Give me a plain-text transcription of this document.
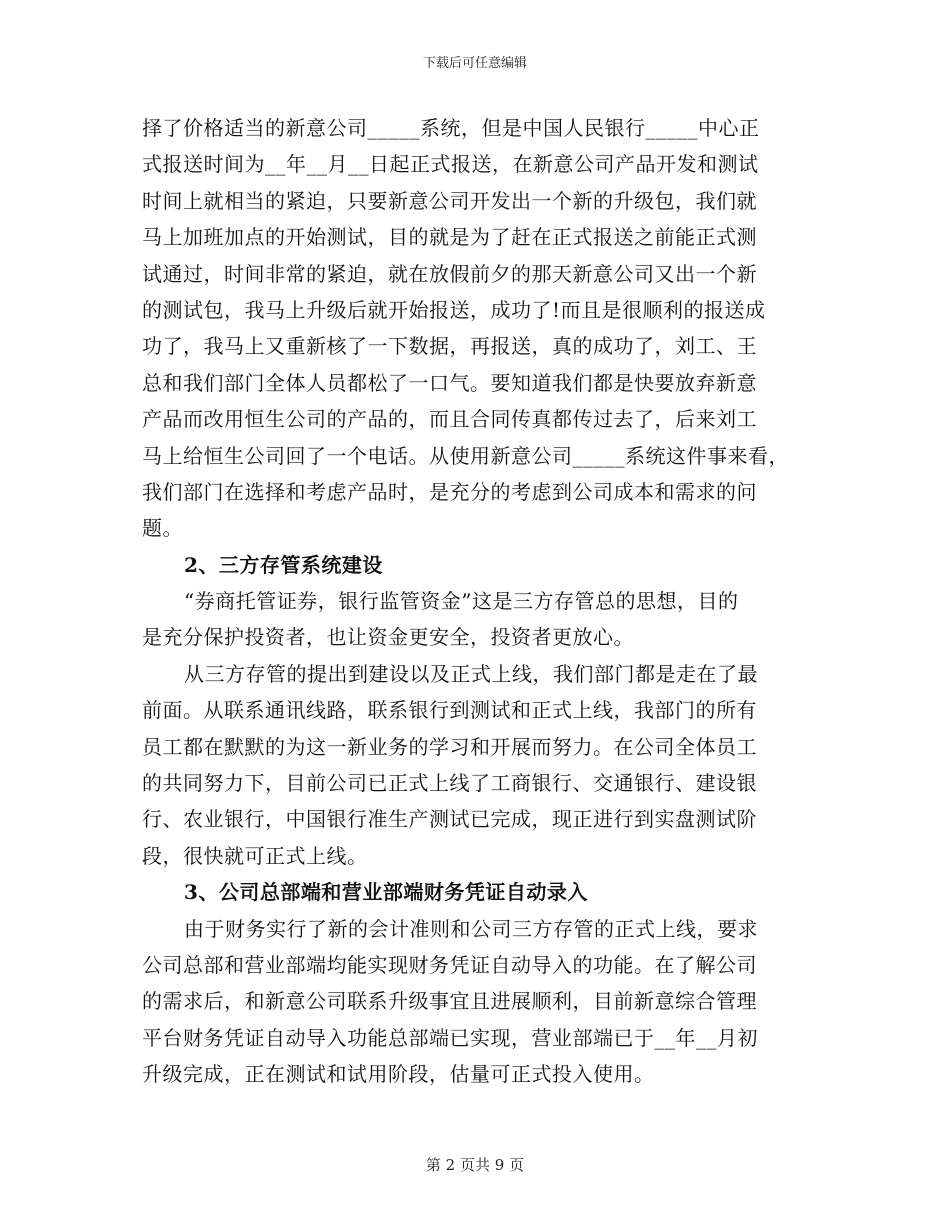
下载后可任意编辑
择了价格适当的新意公司_____系统，但是中国人民银行_____中心正
式报送时间为__年__月__日起正式报送，在新意公司产品开发和测试
时间上就相当的紧迫，只要新意公司开发出一个新的升级包，我们就
马上加班加点的开始测试，目的就是为了赶在正式报送之前能正式测
试通过，时间非常的紧迫，就在放假前夕的那天新意公司又出一个新
的测试包，我马上升级后就开始报送，成功了!而且是很顺利的报送成
功了，我马上又重新核了一下数据，再报送，真的成功了，刘工、王
总和我们部门全体人员都松了一口气。要知道我们都是快要放弃新意
产品而改用恒生公司的产品的，而且合同传真都传过去了，后来刘工
马上给恒生公司回了一个电话。从使用新意公司_____系统这件事来看，
我们部门在选择和考虑产品时，是充分的考虑到公司成本和需求的问
题。
2、三方存管系统建设
“券商托管证券，银行监管资金”这是三方存管总的思想，目的
是充分保护投资者，也让资金更安全，投资者更放心。
从三方存管的提出到建设以及正式上线，我们部门都是走在了最
前面。从联系通讯线路，联系银行到测试和正式上线，我部门的所有
员工都在默默的为这一新业务的学习和开展而努力。在公司全体员工
的共同努力下，目前公司已正式上线了工商银行、交通银行、建设银
行、农业银行，中国银行准生产测试已完成，现正进行到实盘测试阶
段，很快就可正式上线。
3、公司总部端和营业部端财务凭证自动录入
由于财务实行了新的会计准则和公司三方存管的正式上线，要求
公司总部和营业部端均能实现财务凭证自动导入的功能。在了解公司
的需求后，和新意公司联系升级事宜且进展顺利，目前新意综合管理
平台财务凭证自动导入功能总部端已实现，营业部端已于__年__月初
升级完成，正在测试和试用阶段，估量可正式投入使用。
第 2 页共 9 页
